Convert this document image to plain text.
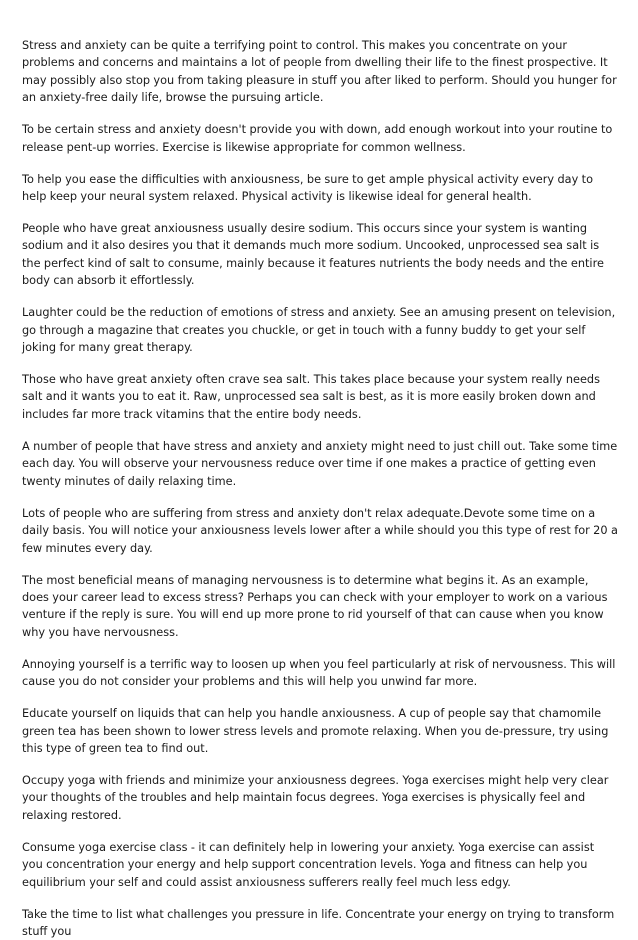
Stress and anxiety can be quite a terrifying point to control. This makes you concentrate on your problems and concerns and maintains a lot of people from dwelling their life to the finest prospective. It may possibly also stop you from taking pleasure in stuff you after liked to perform. Should you hunger for an anxiety-free daily life, browse the pursuing article.

To be certain stress and anxiety doesn't provide you with down, add enough workout into your routine to release pent-up worries. Exercise is likewise appropriate for common wellness.

To help you ease the difficulties with anxiousness, be sure to get ample physical activity every day to help keep your neural system relaxed. Physical activity is likewise ideal for general health.

People who have great anxiousness usually desire sodium. This occurs since your system is wanting sodium and it also desires you that it demands much more sodium. Uncooked, unprocessed sea salt is the perfect kind of salt to consume, mainly because it features nutrients the body needs and the entire body can absorb it effortlessly.

Laughter could be the reduction of emotions of stress and anxiety. See an amusing present on television, go through a magazine that creates you chuckle, or get in touch with a funny buddy to get your self joking for many great therapy.

Those who have great anxiety often crave sea salt. This takes place because your system really needs salt and it wants you to eat it. Raw, unprocessed sea salt is best, as it is more easily broken down and includes far more track vitamins that the entire body needs.

A number of people that have stress and anxiety and anxiety might need to just chill out. Take some time each day. You will observe your nervousness reduce over time if one makes a practice of getting even twenty minutes of daily relaxing time.

Lots of people who are suffering from stress and anxiety don't relax adequate.Devote some time on a daily basis. You will notice your anxiousness levels lower after a while should you this type of rest for 20 a few minutes every day.

The most beneficial means of managing nervousness is to determine what begins it. As an example, does your career lead to excess stress? Perhaps you can check with your employer to work on a various venture if the reply is sure. You will end up more prone to rid yourself of that can cause when you know why you have nervousness.

Annoying yourself is a terrific way to loosen up when you feel particularly at risk of nervousness. This will cause you do not consider your problems and this will help you unwind far more.

Educate yourself on liquids that can help you handle anxiousness. A cup of people say that chamomile green tea has been shown to lower stress levels and promote relaxing. When you de-pressure, try using this type of green tea to find out.

Occupy yoga with friends and minimize your anxiousness degrees. Yoga exercises might help very clear your thoughts of the troubles and help maintain focus degrees. Yoga exercises is physically feel and relaxing restored.

Consume yoga exercise class - it can definitely help in lowering your anxiety. Yoga exercise can assist you concentration your energy and help support concentration levels. Yoga and fitness can help you equilibrium your self and could assist anxiousness sufferers really feel much less edgy.

Take the time to list what challenges you pressure in life. Concentrate your energy on trying to transform stuff you
